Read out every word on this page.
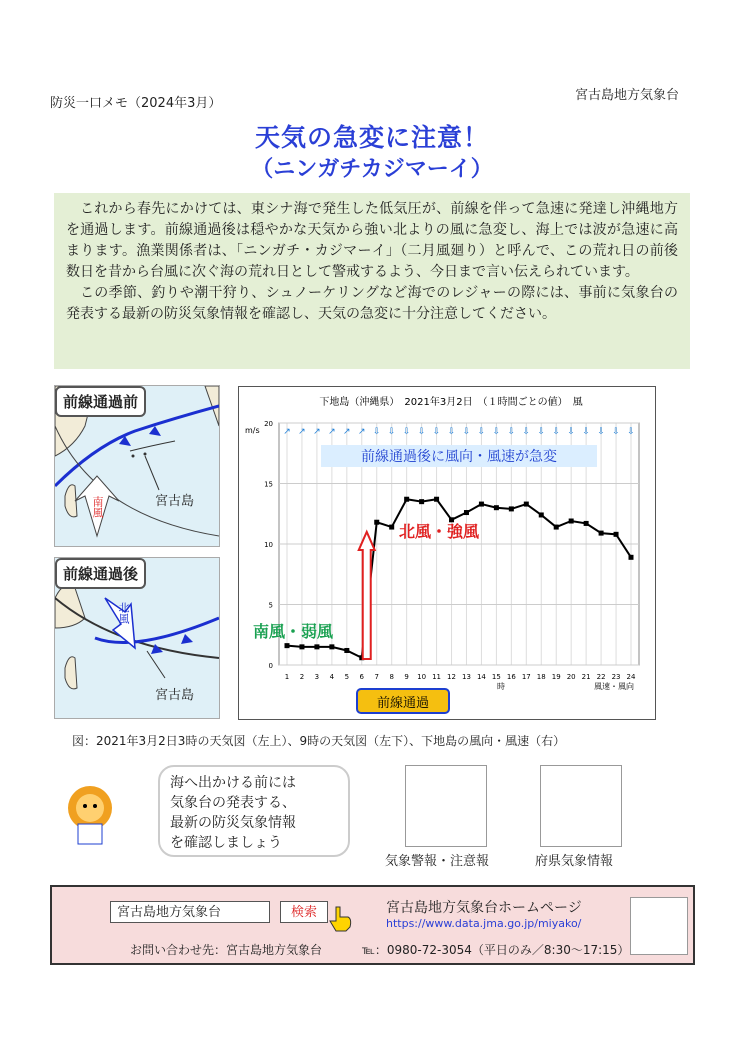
防災一口メモ（2024年3月）
宮古島地方気象台
天気の急変に注意！
（ニンガチカジマーイ）

これから春先にかけては、東シナ海で発生した低気圧が、前線を伴って急速に発達し沖縄地方を通過します。前線通過後は穏やかな天気から強い北よりの風に急変し、海上では波が急速に高まります。漁業関係者は、「ニンガチ・カジマーイ」（二月風廻り）と呼んで、この荒れ日の前後数日を昔から台風に次ぐ海の荒れ日として警戒するよう、今日まで言い伝えられています。

この季節、釣りや潮干狩り、シュノーケリングなど海でのレジャーの際には、事前に気象台の発表する最新の防災気象情報を確認し、天気の急変に十分注意してください。

前線通過前
南風	宮古島
前線通過後
北風
宮古島
下地島（沖縄県）　2021年3月2日　（１時間ごとの値）　風
m/s
1 2 3 4 5 6 7 8 9 10 11 12 13 14 15 16 17 18 19 20 21 22 23 24
0
5
10
15
20
↗ ↗ ↗ ↗ ↗ ↗ ⇩ ⇩ ⇩ ⇩ ⇩ ⇩ ⇩ ⇩ ⇩ ⇩ ⇩ ⇩ ⇩ ⇩ ⇩ ⇩ ⇩ ⇩
前線通過後に風向・風速が急変
北風・強風
南風・弱風
前線通過
風速・風向
時
図：2021年3月2日3時の天気図（左上）、9時の天気図（左下）、下地島の風向・風速（右）
海へ出かける前には
気象台の発表する、
最新の防災気象情報
を確認しましょう
気象警報・注意報	府県気象情報
宮古島地方気象台	検索	宮古島地方気象台ホームページ
https://www.data.jma.go.jp/miyako/
お問い合わせ先：宮古島地方気象台	℡：0980-72-3054（平日のみ／8:30～17:15）
